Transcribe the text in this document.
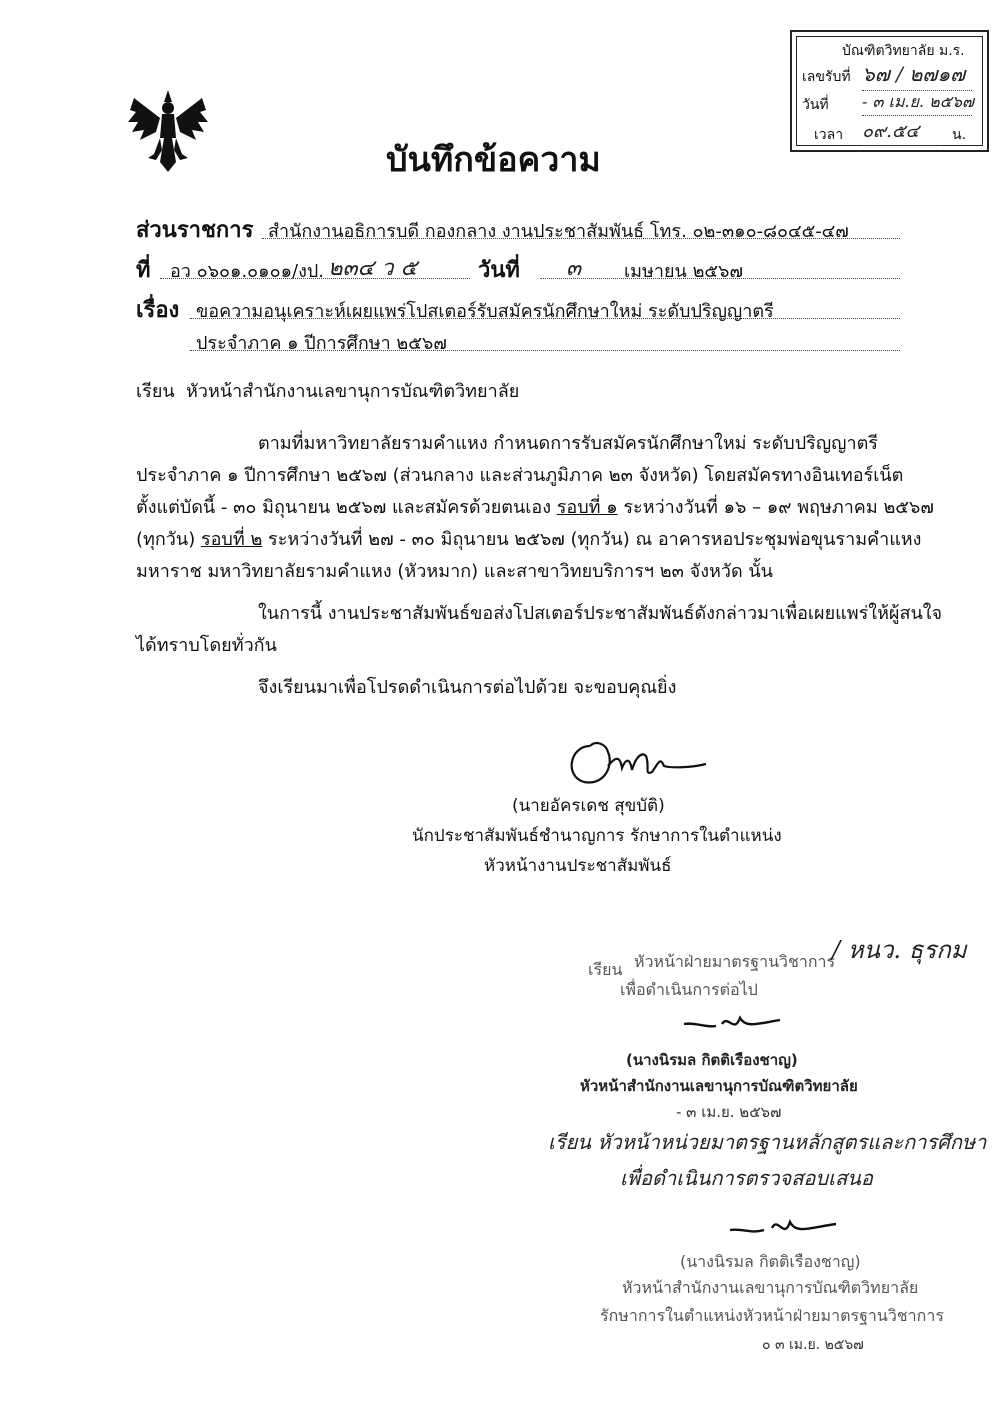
บัณฑิตวิทยาลัย ม.ร.
เลขรับที่ ๖๗ / ๒๗๑๗
วันที่ - ๓ เม.ย. ๒๕๖๗
เวลา ๐๙.๕๔	น.
บันทึกข้อความ
ส่วนราชการ สำนักงานอธิการบดี กองกลาง งานประชาสัมพันธ์ โทร. ๐๒-๓๑๐-๘๐๔๕-๔๗
ที่ อว ๐๖๐๑.๐๑๐๑/งป. ๒๓๔ ว ๕	วันที่ ๓ เมษายน ๒๕๖๗
เรื่อง ขอความอนุเคราะห์เผยแพร่โปสเตอร์รับสมัครนักศึกษาใหม่ ระดับปริญญาตรี
ประจำภาค ๑ ปีการศึกษา ๒๕๖๗
เรียน หัวหน้าสำนักงานเลขานุการบัณฑิตวิทยาลัย
ตามที่มหาวิทยาลัยรามคำแหง กำหนดการรับสมัครนักศึกษาใหม่ ระดับปริญญาตรี
ประจำภาค ๑ ปีการศึกษา ๒๕๖๗ (ส่วนกลาง และส่วนภูมิภาค ๒๓ จังหวัด) โดยสมัครทางอินเทอร์เน็ต
ตั้งแต่บัดนี้ - ๓๐ มิถุนายน ๒๕๖๗ และสมัครด้วยตนเอง รอบที่ ๑ ระหว่างวันที่ ๑๖ – ๑๙ พฤษภาคม ๒๕๖๗
(ทุกวัน) รอบที่ ๒ ระหว่างวันที่ ๒๗ - ๓๐ มิถุนายน ๒๕๖๗ (ทุกวัน) ณ อาคารหอประชุมพ่อขุนรามคำแหง
มหาราช มหาวิทยาลัยรามคำแหง (หัวหมาก) และสาขาวิทยบริการฯ ๒๓ จังหวัด นั้น
ในการนี้ งานประชาสัมพันธ์ขอส่งโปสเตอร์ประชาสัมพันธ์ดังกล่าวมาเพื่อเผยแพร่ให้ผู้สนใจ
ได้ทราบโดยทั่วกัน
จึงเรียนมาเพื่อโปรดดำเนินการต่อไปด้วย จะขอบคุณยิ่ง
(นายอัครเดช สุขบัติ)
นักประชาสัมพันธ์ชำนาญการ รักษาการในตำแหน่ง
หัวหน้างานประชาสัมพันธ์
เรียน หัวหน้าฝ่ายมาตรฐานวิชาการ
/ หนว. ธุรกม
เพื่อดำเนินการต่อไป
(นางนิรมล กิตติเรืองชาญ)
หัวหน้าสำนักงานเลขานุการบัณฑิตวิทยาลัย
- ๓ เม.ย. ๒๕๖๗
เรียน หัวหน้าหน่วยมาตรฐานหลักสูตรและการศึกษา
เพื่อดำเนินการตรวจสอบเสนอ
(นางนิรมล กิตติเรืองชาญ)
หัวหน้าสำนักงานเลขานุการบัณฑิตวิทยาลัย
รักษาการในตำแหน่งหัวหน้าฝ่ายมาตรฐานวิชาการ
๐ ๓ เม.ย. ๒๕๖๗
